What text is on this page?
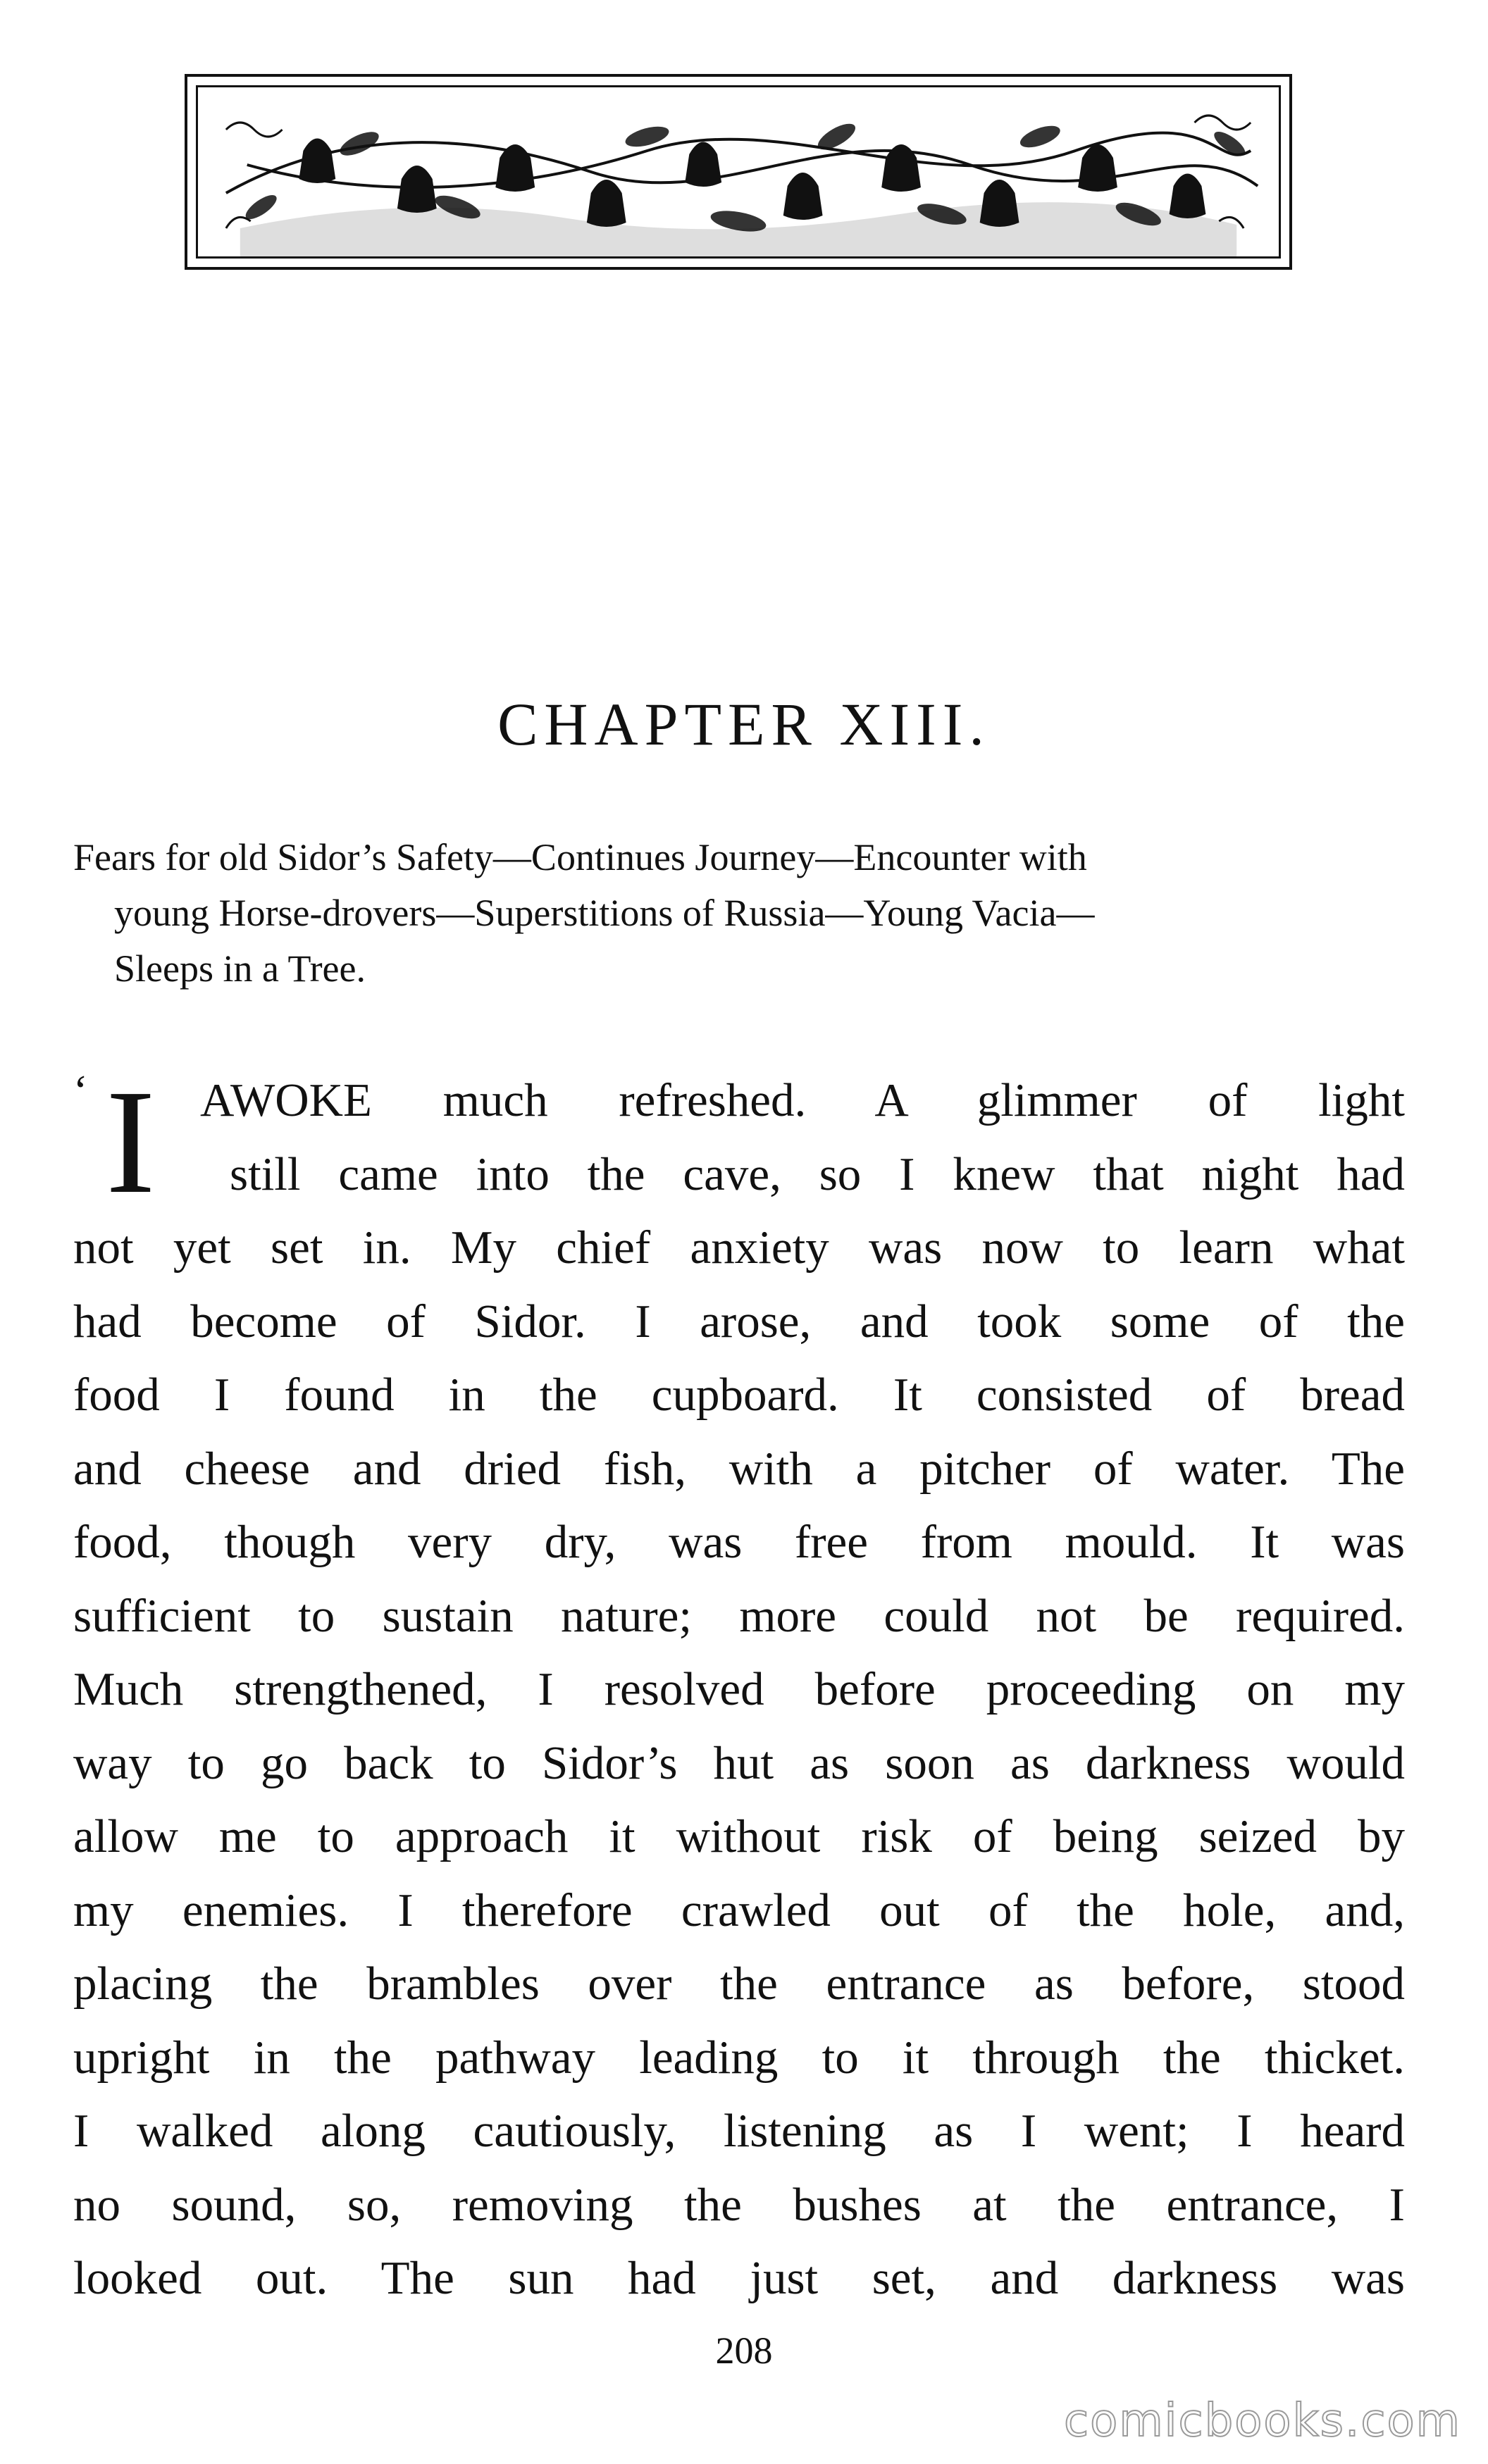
CHAPTER XIII.
Fears for old Sidor’s Safety—Continues Journey—Encounter with
young Horse-drovers—Superstitions of Russia—Young Vacia—
Sleeps in a Tree.
‘ I AWOKE much refreshed. A glimmer of light
still came into the cave, so I knew that night had
not yet set in. My chief anxiety was now to learn what
had become of Sidor. I arose, and took some of the
food I found in the cupboard. It consisted of bread
and cheese and dried fish, with a pitcher of water. The
food, though very dry, was free from mould. It was
sufficient to sustain nature; more could not be required.
Much strengthened, I resolved before proceeding on my
way to go back to Sidor’s hut as soon as darkness would
allow me to approach it without risk of being seized by
my enemies. I therefore crawled out of the hole, and,
placing the brambles over the entrance as before, stood
upright in the pathway leading to it through the thicket.
I walked along cautiously, listening as I went; I heard
no sound, so, removing the bushes at the entrance, I
looked out. The sun had just set, and darkness was
208
comicbooks.com
